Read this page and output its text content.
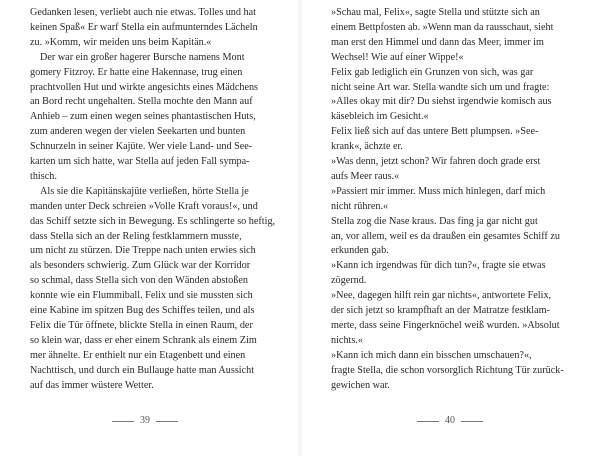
Gedanken lesen, verliebt auch nie etwas. Tolles und hat
keinen Spaß« Er warf Stella ein aufmunterndes Lächeln
zu. »Komm, wir meiden uns beim Kapitän.«
Der war ein großer hagerer Bursche namens Mont
gomery Fitzroy. Er hatte eine Hakennase, trug einen
prachtvollen Hut und wirkte angesichts eines Mädchens
an Bord recht ungehalten. Stella mochte den Mann auf
Anhieb – zum einen wegen seines phantastischen Huts,
zum anderen wegen der vielen Seekarten und bunten
Schnurzeln in seiner Kajüte. Wer viele Land- und See-
karten um sich hatte, war Stella auf jeden Fall sympa-
thisch.
Als sie die Kapitänskajüte verließen, hörte Stella je
manden unter Deck schreien »Volle Kraft voraus!«, und
das Schiff setzte sich in Bewegung. Es schlingerte so heftig,
dass Stella sich an der Reling festklammern musste,
um nicht zu stürzen. Die Treppe nach unten erwies sich
als besonders schwierig. Zum Glück war der Korridor
so schmal, dass Stella sich von den Wänden abstoßen
konnte wie ein Flummiball. Felix und sie mussten sich
eine Kabine im spitzen Bug des Schiffes teilen, und als
Felix die Tür öffnete, blickte Stella in einen Raum, der
so klein war, dass er eher einem Schrank als einem Zim
mer ähnelte. Er enthielt nur ein Etagenbett und einen
Nachttisch, und durch ein Bullauge hatte man Aussicht
auf das immer wüstere Wetter.
39
»Schau mal, Felix«, sagte Stella und stützte sich an
einem Bettpfosten ab. »Wenn man da rausschaut, sieht
man erst den Himmel und dann das Meer, immer im
Wechsel! Wie auf einer Wippe!«
Felix gab lediglich ein Grunzen von sich, was gar
nicht seine Art war. Stella wandte sich um und fragte:
»Alles okay mit dir? Du siehst irgendwie komisch aus
käsebleich im Gesicht.«
Felix ließ sich auf das untere Bett plumpsen. »See-
krank«, ächzte er.
»Was denn, jetzt schon? Wir fahren doch grade erst
aufs Meer raus.«
»Passiert mir immer. Muss mich hinlegen, darf mich
nicht rühren.«
Stella zog die Nase kraus. Das fing ja gar nicht gut
an, vor allem, weil es da draußen ein gesamtes Schiff zu
erkunden gab.
»Kann ich irgendwas für dich tun?«, fragte sie etwas
zögernd.
»Nee, dagegen hilft rein gar nichts«, antwortete Felix,
der sich jetzt so krampfhaft an der Matratze festklam-
merte, dass seine Fingerknöchel weiß wurden. »Absolut
nichts.«
»Kann ich mich dann ein bisschen umschauen?«,
fragte Stella, die schon vorsorglich Richtung Tür zurück-
gewichen war.
40
